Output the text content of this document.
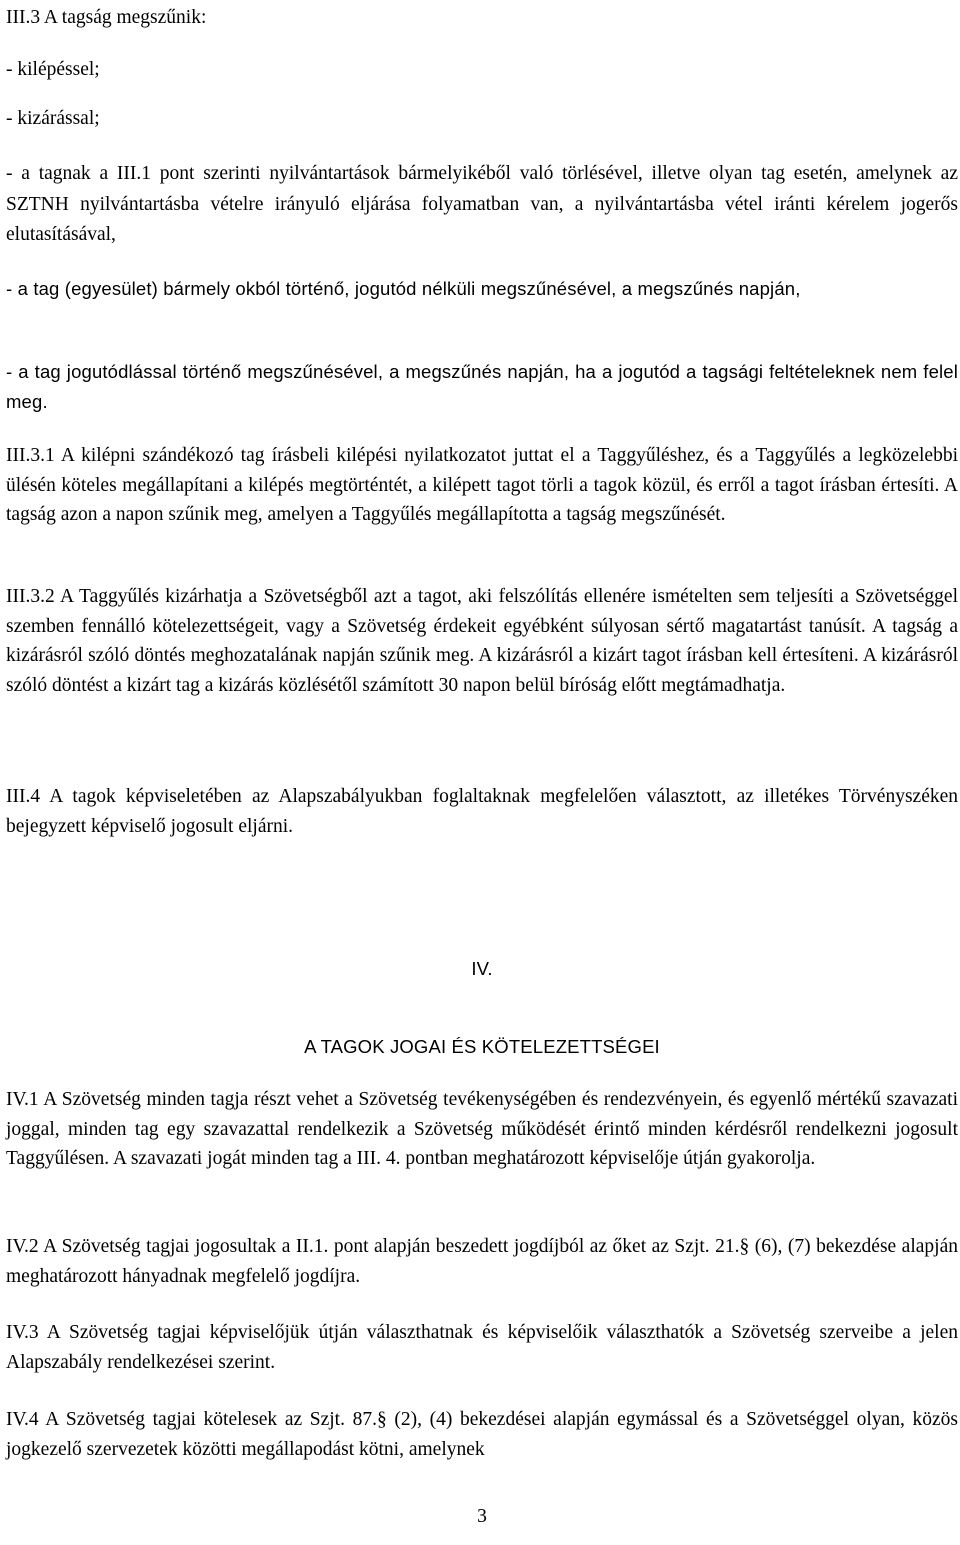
III.3 A tagság megszűnik:

- kilépéssel;

- kizárással;

- a tagnak a III.1 pont szerinti nyilvántartások bármelyikéből való törlésével, illetve olyan tag esetén, amelynek az SZTNH nyilvántartásba vételre irányuló eljárása folyamatban van, a nyilvántartásba vétel iránti kérelem jogerős elutasításával,

- a tag (egyesület) bármely okból történő, jogutód nélküli megszűnésével, a megszűnés napján,

- a tag jogutódlással történő megszűnésével, a megszűnés napján, ha a jogutód a tagsági feltételeknek nem felel meg.

III.3.1 A kilépni szándékozó tag írásbeli kilépési nyilatkozatot juttat el a Taggyűléshez, és a Taggyűlés a legközelebbi ülésén köteles megállapítani a kilépés megtörténtét, a kilépett tagot törli a tagok közül, és erről a tagot írásban értesíti. A tagság azon a napon szűnik meg, amelyen a Taggyűlés megállapította a tagság megszűnését.

III.3.2 A Taggyűlés kizárhatja a Szövetségből azt a tagot, aki felszólítás ellenére ismételten sem teljesíti a Szövetséggel szemben fennálló kötelezettségeit, vagy a Szövetség érdekeit egyébként súlyosan sértő magatartást tanúsít. A tagság a kizárásról szóló döntés meghozatalának napján szűnik meg. A kizárásról a kizárt tagot írásban kell értesíteni. A kizárásról szóló döntést a kizárt tag a kizárás közlésétől számított 30 napon belül bíróság előtt megtámadhatja.

III.4 A tagok képviseletében az Alapszabályukban foglaltaknak megfelelően választott, az illetékes Törvényszéken bejegyzett képviselő jogosult eljárni.

IV.

A TAGOK JOGAI ÉS KÖTELEZETTSÉGEI

IV.1 A Szövetség minden tagja részt vehet a Szövetség tevékenységében és rendezvényein, és egyenlő mértékű szavazati joggal, minden tag egy szavazattal rendelkezik a Szövetség működését érintő minden kérdésről rendelkezni jogosult Taggyűlésen. A szavazati jogát minden tag a III. 4. pontban meghatározott képviselője útján gyakorolja.

IV.2 A Szövetség tagjai jogosultak a II.1. pont alapján beszedett jogdíjból az őket az Szjt. 21.§ (6), (7) bekezdése alapján meghatározott hányadnak megfelelő jogdíjra.

IV.3 A Szövetség tagjai képviselőjük útján választhatnak és képviselőik választhatók a Szövetség szerveibe a jelen Alapszabály rendelkezései szerint.

IV.4 A Szövetség tagjai kötelesek az Szjt. 87.§ (2), (4) bekezdései alapján egymással és a Szövetséggel olyan, közös jogkezelő szervezetek közötti megállapodást kötni, amelynek

3
